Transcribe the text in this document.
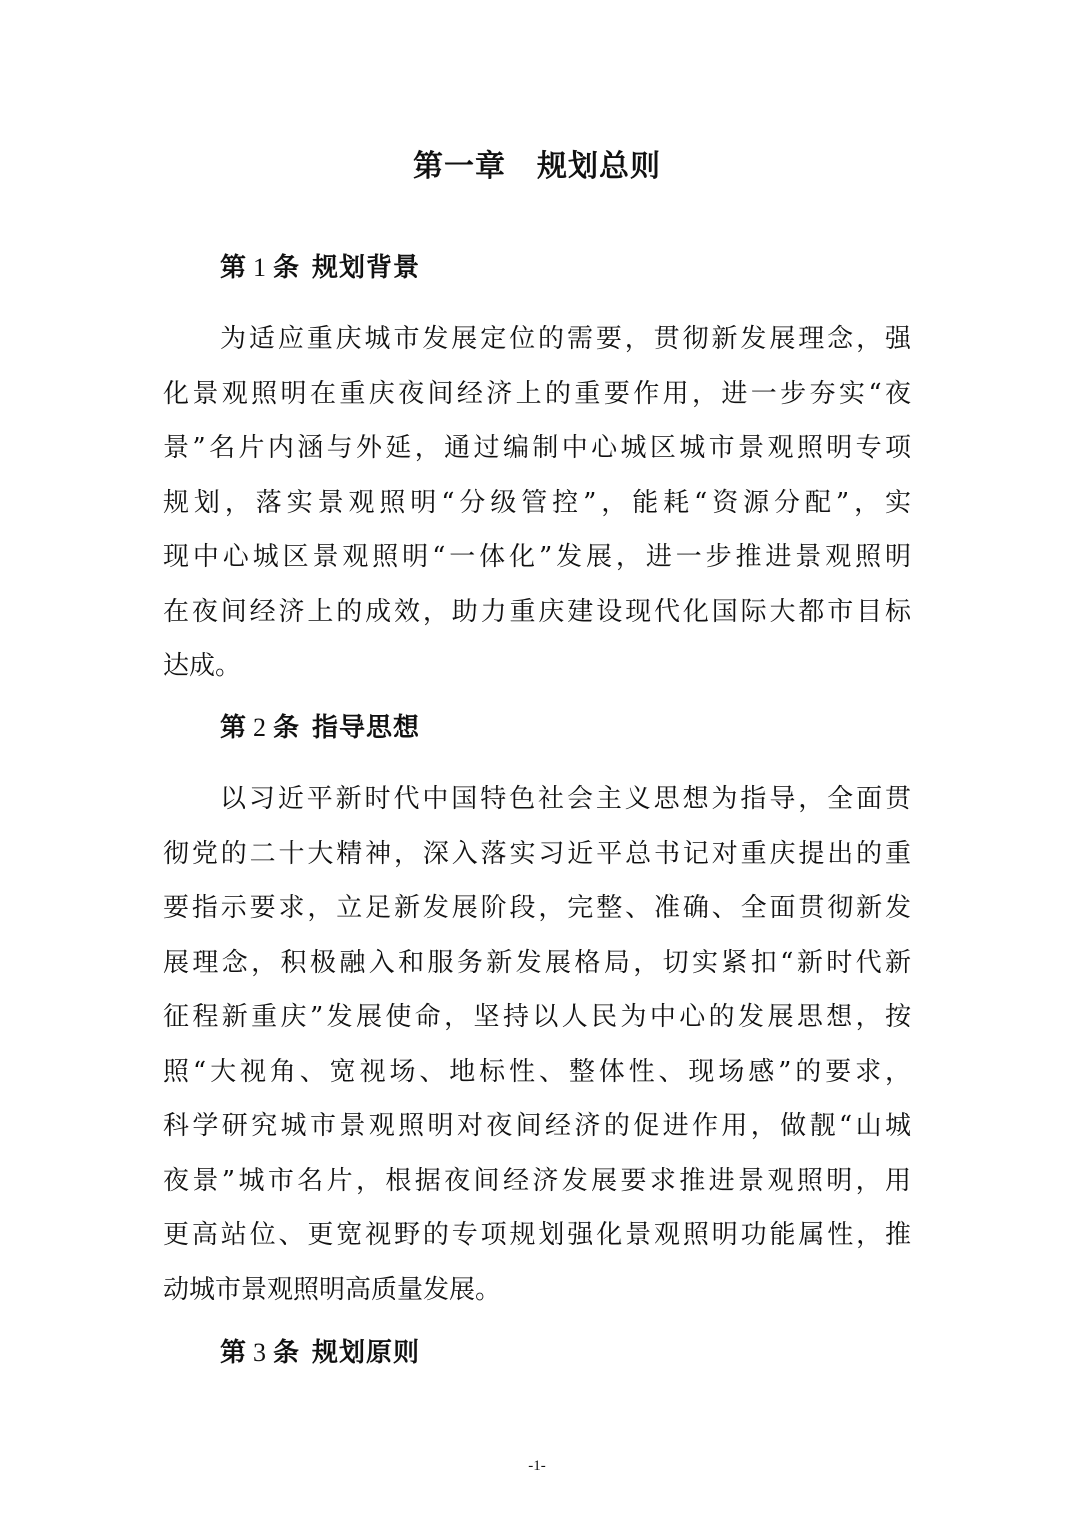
第一章　规划总则
第 1 条 规划背景
为适应重庆城市发展定位的需要，贯彻新发展理念，强
化景观照明在重庆夜间经济上的重要作用，进一步夯实“夜
景”名片内涵与外延，通过编制中心城区城市景观照明专项
规划，落实景观照明“分级管控”，能耗“资源分配”，实
现中心城区景观照明“一体化”发展，进一步推进景观照明
在夜间经济上的成效，助力重庆建设现代化国际大都市目标
达成。
第 2 条 指导思想
以习近平新时代中国特色社会主义思想为指导，全面贯
彻党的二十大精神，深入落实习近平总书记对重庆提出的重
要指示要求，立足新发展阶段，完整、准确、全面贯彻新发
展理念，积极融入和服务新发展格局，切实紧扣“新时代新
征程新重庆”发展使命，坚持以人民为中心的发展思想，按
照“大视角、宽视场、地标性、整体性、现场感”的要求，
科学研究城市景观照明对夜间经济的促进作用，做靓“山城
夜景”城市名片，根据夜间经济发展要求推进景观照明，用
更高站位、更宽视野的专项规划强化景观照明功能属性，推
动城市景观照明高质量发展。
第 3 条 规划原则
-1-
